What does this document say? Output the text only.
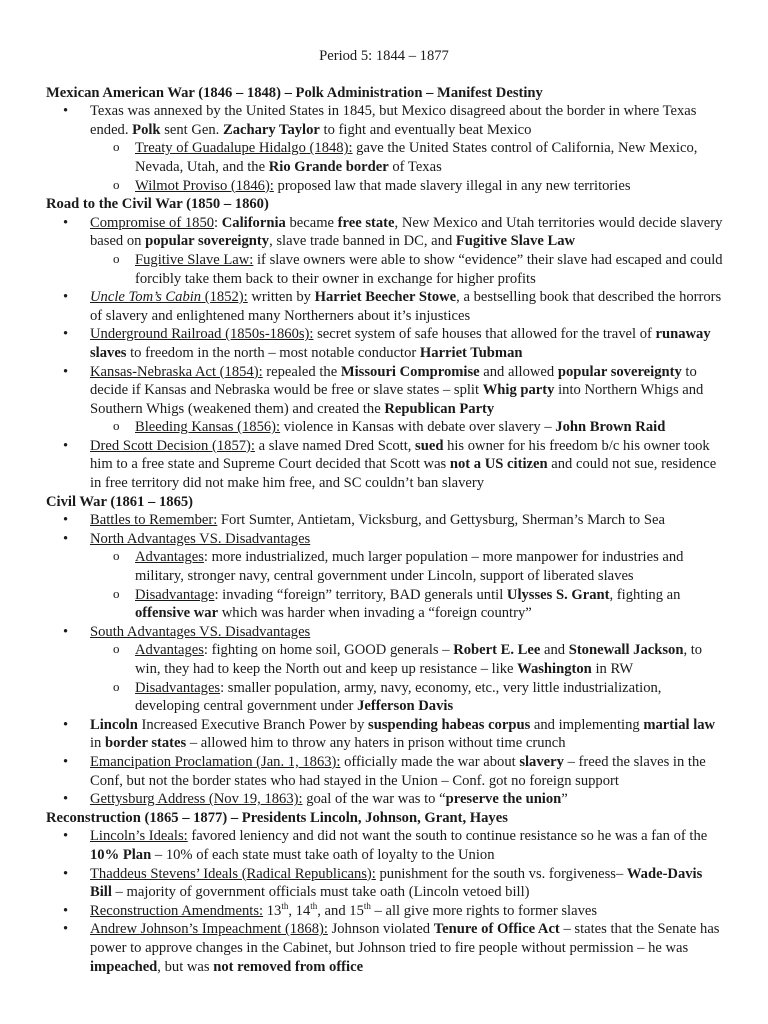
Period 5: 1844 – 1877

Mexican American War (1846 – 1848) – Polk Administration – Manifest Destiny

• Texas was annexed by the United States in 1845, but Mexico disagreed about the border in where Texas ended. Polk sent Gen. Zachary Taylor to fight and eventually beat Mexico
o Treaty of Guadalupe Hidalgo (1848): gave the United States control of California, New Mexico, Nevada, Utah, and the Rio Grande border of Texas
o Wilmot Proviso (1846): proposed law that made slavery illegal in any new territories

Road to the Civil War (1850 – 1860)

• Compromise of 1850: California became free state, New Mexico and Utah territories would decide slavery based on popular sovereignty, slave trade banned in DC, and Fugitive Slave Law
o Fugitive Slave Law: if slave owners were able to show “evidence” their slave had escaped and could forcibly take them back to their owner in exchange for higher profits
• Uncle Tom’s Cabin (1852): written by Harriet Beecher Stowe, a bestselling book that described the horrors of slavery and enlightened many Northerners about it’s injustices
• Underground Railroad (1850s-1860s): secret system of safe houses that allowed for the travel of runaway slaves to freedom in the north – most notable conductor Harriet Tubman
• Kansas-Nebraska Act (1854): repealed the Missouri Compromise and allowed popular sovereignty to decide if Kansas and Nebraska would be free or slave states – split Whig party into Northern Whigs and Southern Whigs (weakened them) and created the Republican Party
o Bleeding Kansas (1856): violence in Kansas with debate over slavery – John Brown Raid
• Dred Scott Decision (1857): a slave named Dred Scott, sued his owner for his freedom b/c his owner took him to a free state and Supreme Court decided that Scott was not a US citizen and could not sue, residence in free territory did not make him free, and SC couldn’t ban slavery

Civil War (1861 – 1865)

• Battles to Remember: Fort Sumter, Antietam, Vicksburg, and Gettysburg, Sherman’s March to Sea
• North Advantages VS. Disadvantages
o Advantages: more industrialized, much larger population – more manpower for industries and military, stronger navy, central government under Lincoln, support of liberated slaves
o Disadvantage: invading “foreign” territory, BAD generals until Ulysses S. Grant, fighting an offensive war which was harder when invading a “foreign country”
• South Advantages VS. Disadvantages
o Advantages: fighting on home soil, GOOD generals – Robert E. Lee and Stonewall Jackson, to win, they had to keep the North out and keep up resistance – like Washington in RW
o Disadvantages: smaller population, army, navy, economy, etc., very little industrialization, developing central government under Jefferson Davis
• Lincoln Increased Executive Branch Power by suspending habeas corpus and implementing martial law in border states – allowed him to throw any haters in prison without time crunch
• Emancipation Proclamation (Jan. 1, 1863): officially made the war about slavery – freed the slaves in the Conf, but not the border states who had stayed in the Union – Conf. got no foreign support
• Gettysburg Address (Nov 19, 1863): goal of the war was to “preserve the union”

Reconstruction (1865 – 1877) – Presidents Lincoln, Johnson, Grant, Hayes

• Lincoln’s Ideals: favored leniency and did not want the south to continue resistance so he was a fan of the 10% Plan – 10% of each state must take oath of loyalty to the Union
• Thaddeus Stevens’ Ideals (Radical Republicans): punishment for the south vs. forgiveness– Wade-Davis Bill – majority of government officials must take oath (Lincoln vetoed bill)
• Reconstruction Amendments: 13th, 14th, and 15th – all give more rights to former slaves
• Andrew Johnson’s Impeachment (1868): Johnson violated Tenure of Office Act – states that the Senate has power to approve changes in the Cabinet, but Johnson tried to fire people without permission – he was impeached, but was not removed from office
